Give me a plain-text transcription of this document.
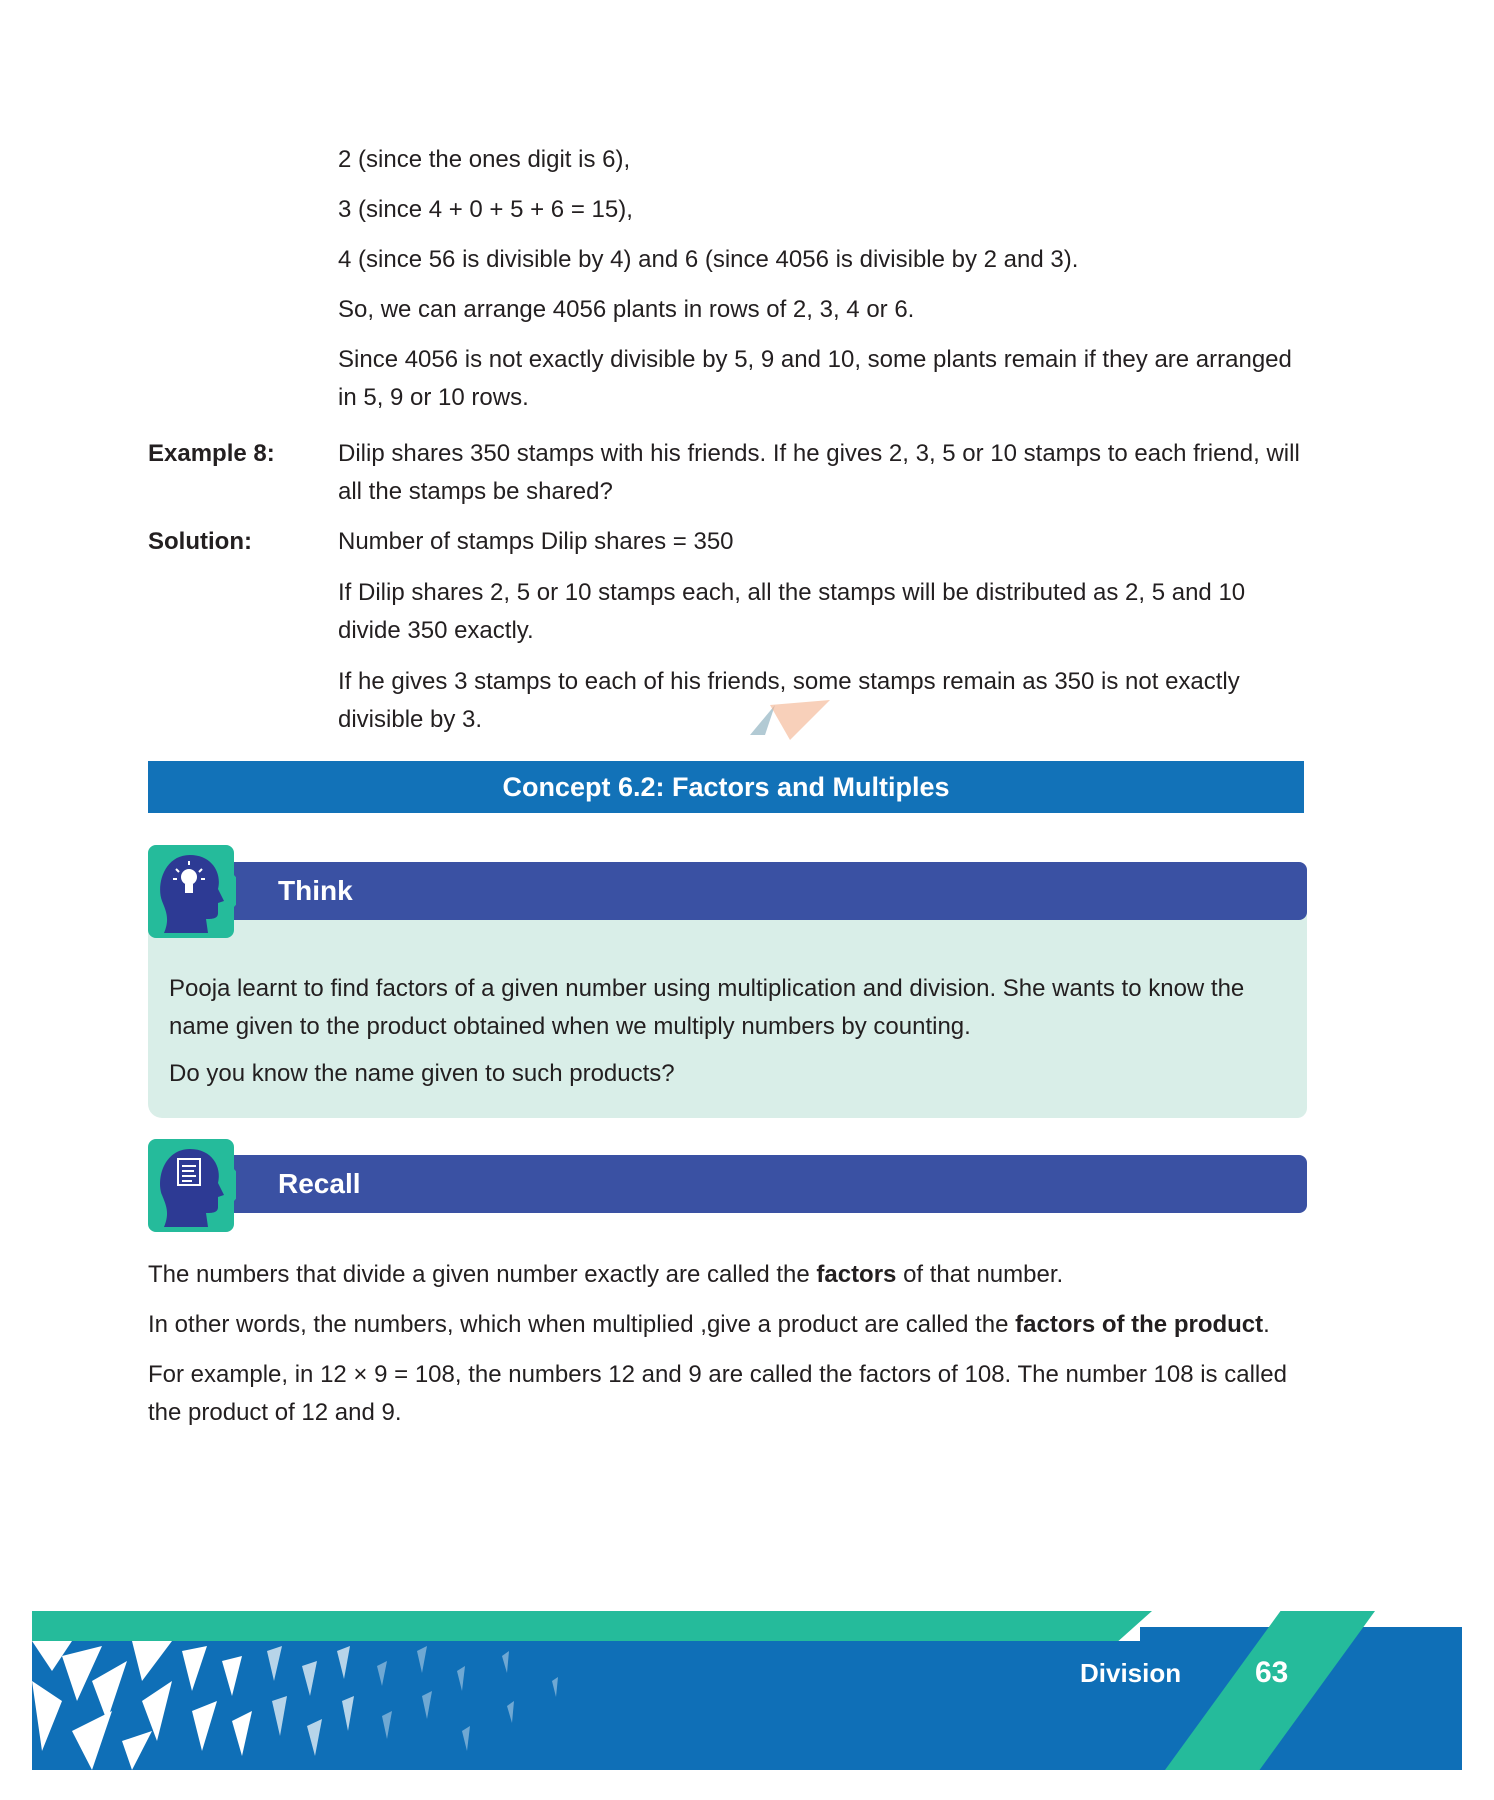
2 (since the ones digit is 6),
3 (since 4 + 0 + 5 + 6 = 15),
4 (since 56 is divisible by 4) and 6 (since 4056 is divisible by 2 and 3).
So, we can arrange 4056 plants in rows of 2, 3, 4 or 6.
Since 4056 is not exactly divisible by 5, 9 and 10, some plants remain if they are arranged in 5, 9 or 10 rows.
Example 8:	Dilip shares 350 stamps with his friends. If he gives 2, 3, 5 or 10 stamps to each friend, will all the stamps be shared?
Solution:	Number of stamps Dilip shares = 350
If Dilip shares 2, 5 or 10 stamps each, all the stamps will be distributed as 2, 5 and 10 divide 350 exactly.
If he gives 3 stamps to each of his friends, some stamps remain as 350 is not exactly divisible by 3.
Concept 6.2: Factors and Multiples
Pooja learnt to find factors of a given number using multiplication and division. She wants to know the name given to the product obtained when we multiply numbers by counting.
Do you know the name given to such products?
Think
Recall
The numbers that divide a given number exactly are called the factors of that number.
In other words, the numbers, which when multiplied ,give a product are called the factors of the product.
For example, in 12 × 9 = 108, the numbers 12 and 9 are called the factors of 108. The number 108 is called the product of 12 and 9.
Division 63
